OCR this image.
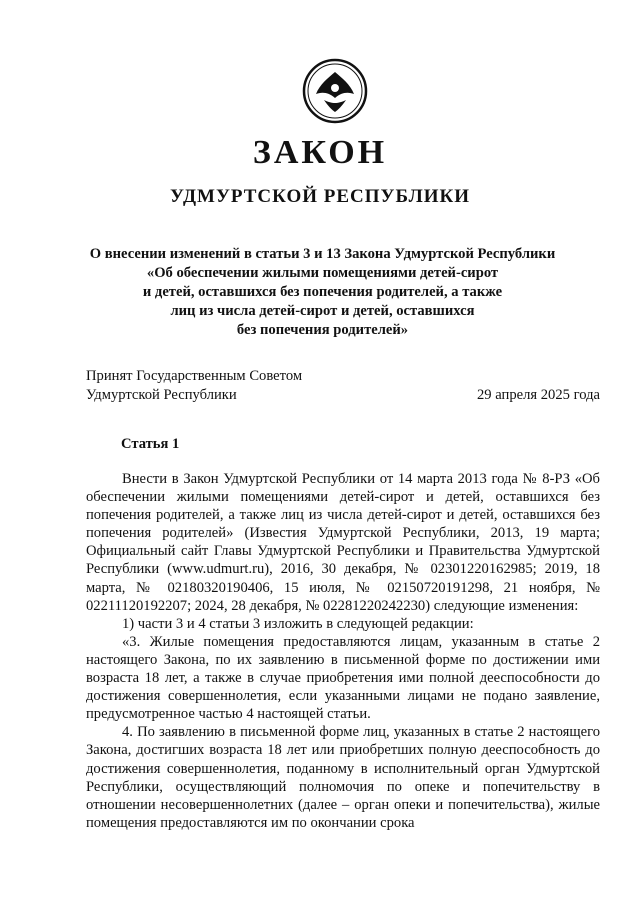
ЗАКОН
УДМУРТСКОЙ РЕСПУБЛИКИ
О внесении изменений в статьи 3 и 13 Закона Удмуртской Республики
«Об обеспечении жилыми помещениями детей-сирот
и детей, оставшихся без попечения родителей, а также
лиц из числа детей-сирот и детей, оставшихся
без попечения родителей»
Принят Государственным Советом
Удмуртской Республики	29 апреля 2025 года
Статья 1

Внести в Закон Удмуртской Республики от 14 марта 2013 года № 8-РЗ «Об обеспечении жилыми помещениями детей-сирот и детей, оставшихся без попечения родителей, а также лиц из числа детей-сирот и детей, оставшихся без попечения родителей» (Известия Удмуртской Республики, 2013, 19 марта; Официальный сайт Главы Удмуртской Республики и Правительства Удмуртской Республики (www.udmurt.ru), 2016, 30 декабря, № 02301220162985; 2019, 18 марта, № 02180320190406, 15 июля, № 02150720191298, 21 ноября, № 02211120192207; 2024, 28 декабря, № 02281220242230) следующие изменения:

1) части 3 и 4 статьи 3 изложить в следующей редакции:

«3. Жилые помещения предоставляются лицам, указанным в статье 2 настоящего Закона, по их заявлению в письменной форме по достижении ими возраста 18 лет, а также в случае приобретения ими полной дееспособности до достижения совершеннолетия, если указанными лицами не подано заявление, предусмотренное частью 4 настоящей статьи.

4. По заявлению в письменной форме лиц, указанных в статье 2 настоящего Закона, достигших возраста 18 лет или приобретших полную дееспособность до достижения совершеннолетия, поданному в исполнительный орган Удмуртской Республики, осуществляющий полномочия по опеке и попечительству в отношении несовершеннолетних (далее – орган опеки и попечительства), жилые помещения предоставляются им по окончании срока
